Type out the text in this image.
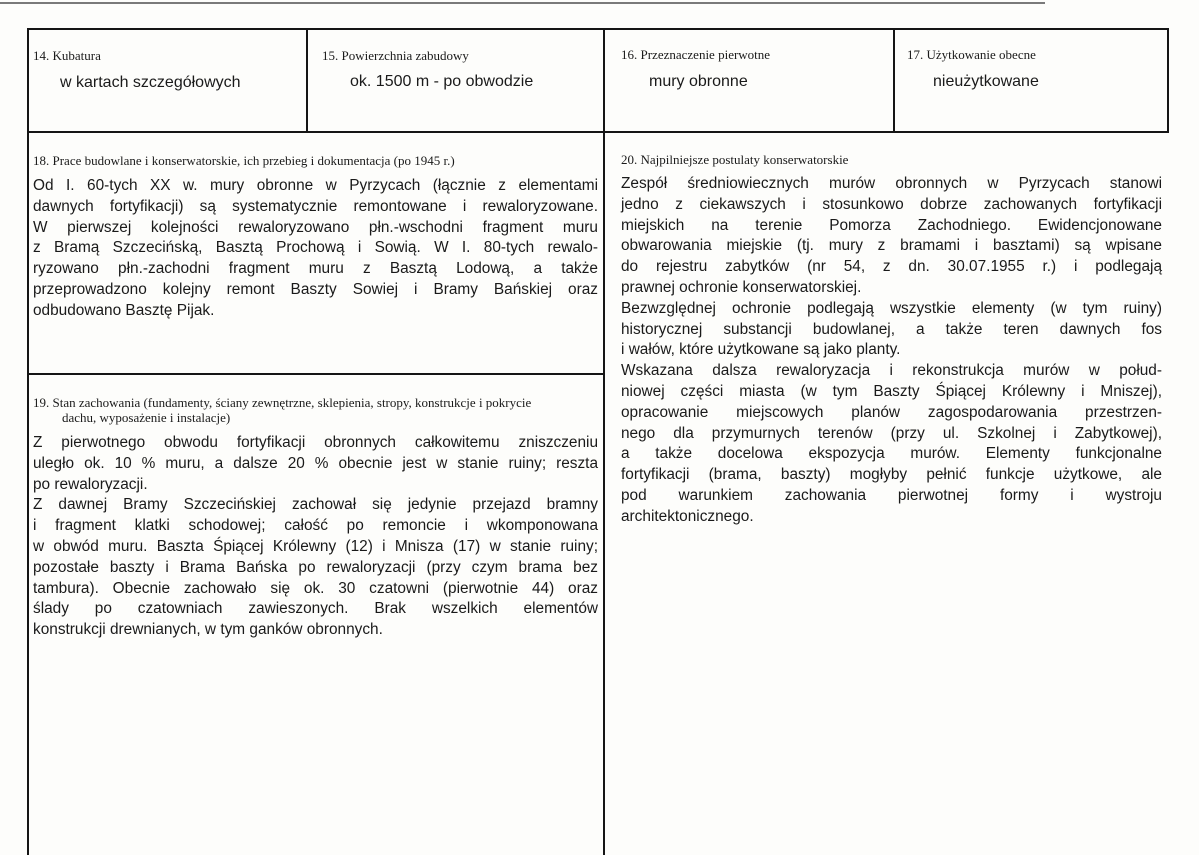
14. Kubatura
w kartach szczegółowych
15. Powierzchnia zabudowy
ok. 1500 m - po obwodzie
16. Przeznaczenie pierwotne
mury obronne
17. Użytkowanie obecne
nieużytkowane
18. Prace budowlane i konserwatorskie, ich przebieg i dokumentacja (po 1945 r.)
Od I. 60-tych XX w. mury obronne w Pyrzycach (łącznie z elementami
dawnych fortyfikacji) są systematycznie remontowane i rewaloryzowane.
W pierwszej kolejności rewaloryzowano płn.-wschodni fragment muru
z Bramą Szczecińską, Basztą Prochową i Sowią. W I. 80-tych rewalo-
ryzowano płn.-zachodni fragment muru z Basztą Lodową, a także
przeprowadzono kolejny remont Baszty Sowiej i Bramy Bańskiej oraz
odbudowano Basztę Pijak.
19. Stan zachowania (fundamenty, ściany zewnętrzne, sklepienia, stropy, konstrukcje i pokrycie
dachu, wyposażenie i instalacje)
Z pierwotnego obwodu fortyfikacji obronnych całkowitemu zniszczeniu
uległo ok. 10 % muru, a dalsze 20 % obecnie jest w stanie ruiny; reszta
po rewaloryzacji.
Z dawnej Bramy Szczecińskiej zachował się jedynie przejazd bramny
i fragment klatki schodowej; całość po remoncie i wkomponowana
w obwód muru. Baszta Śpiącej Królewny (12) i Mnisza (17) w stanie ruiny;
pozostałe baszty i Brama Bańska po rewaloryzacji (przy czym brama bez
tambura). Obecnie zachowało się ok. 30 czatowni (pierwotnie 44) oraz
ślady po czatowniach zawieszonych. Brak wszelkich elementów
konstrukcji drewnianych, w tym ganków obronnych.
20. Najpilniejsze postulaty konserwatorskie
Zespół średniowiecznych murów obronnych w Pyrzycach stanowi
jedno z ciekawszych i stosunkowo dobrze zachowanych fortyfikacji
miejskich na terenie Pomorza Zachodniego. Ewidencjonowane
obwarowania miejskie (tj. mury z bramami i basztami) są wpisane
do rejestru zabytków (nr 54, z dn. 30.07.1955 r.) i podlegają
prawnej ochronie konserwatorskiej.
Bezwzględnej ochronie podlegają wszystkie elementy (w tym ruiny)
historycznej substancji budowlanej, a także teren dawnych fos
i wałów, które użytkowane są jako planty.
Wskazana dalsza rewaloryzacja i rekonstrukcja murów w połud-
niowej części miasta (w tym Baszty Śpiącej Królewny i Mniszej),
opracowanie miejscowych planów zagospodarowania przestrzen-
nego dla przymurnych terenów (przy ul. Szkolnej i Zabytkowej),
a także docelowa ekspozycja murów. Elementy funkcjonalne
fortyfikacji (brama, baszty) mogłyby pełnić funkcje użytkowe, ale
pod warunkiem zachowania pierwotnej formy i wystroju
architektonicznego.
